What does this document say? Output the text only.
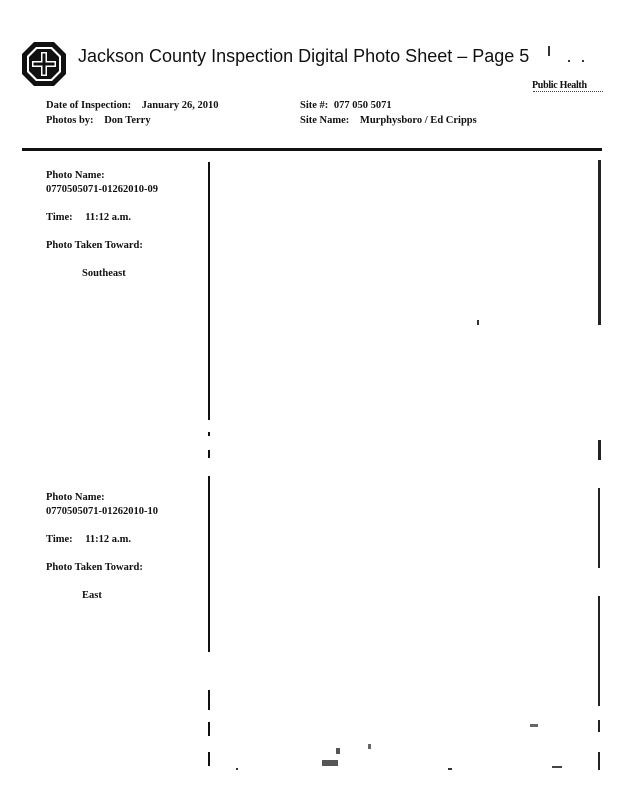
Jackson County Inspection Digital Photo Sheet – Page 5
Public Health
Date of Inspection: January 26, 2010
Photos by: Don Terry
Site #: 077 050 5071
Site Name: Murphysboro / Ed Cripps
Photo Name:
0770505071-01262010-09
Time: 11:12 a.m.
Photo Taken Toward:
Southeast
Photo Name:
0770505071-01262010-10
Time: 11:12 a.m.
Photo Taken Toward:
East
